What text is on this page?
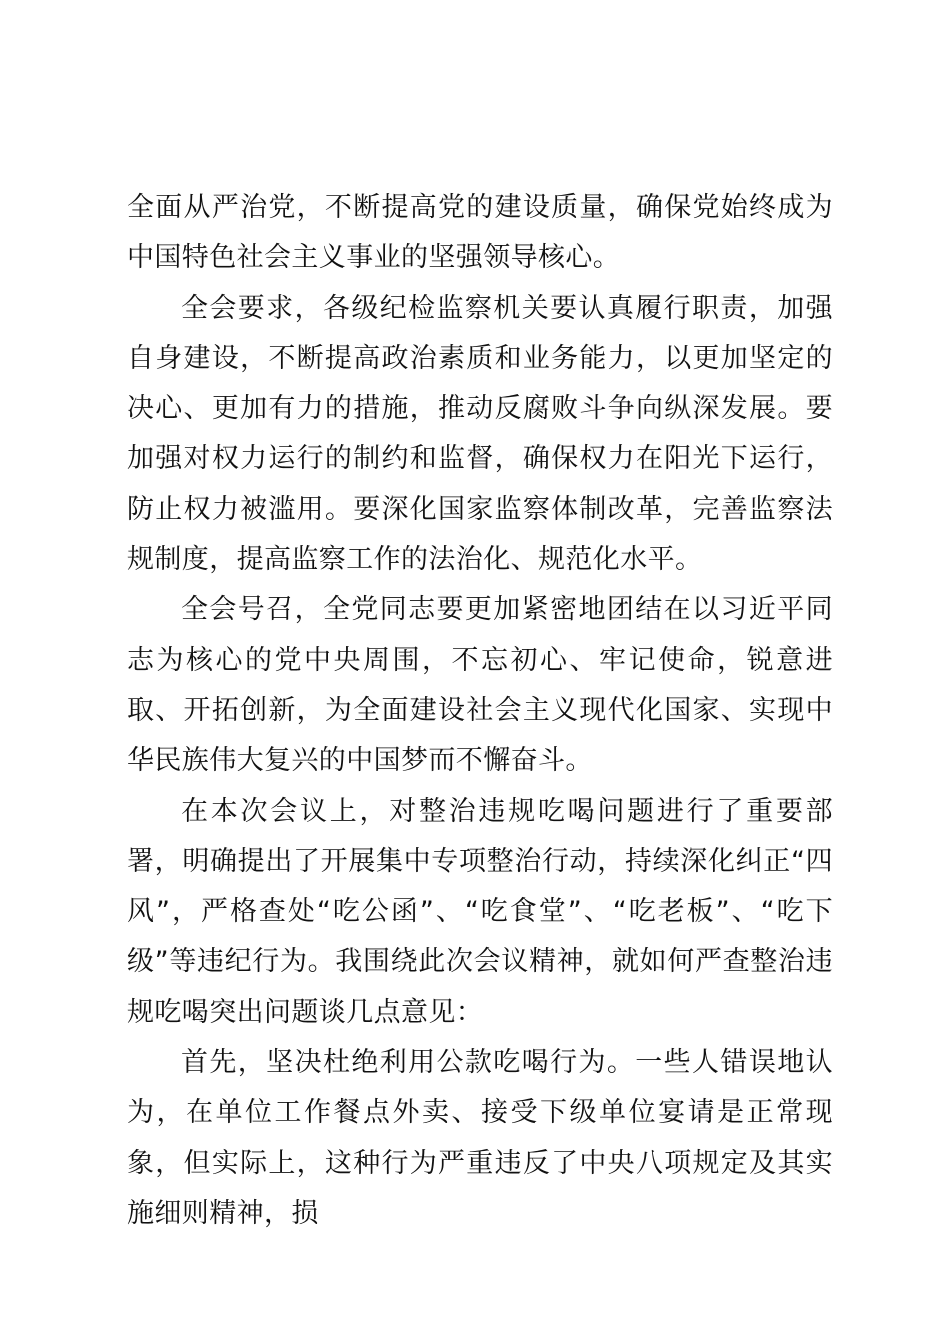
全面从严治党，不断提高党的建设质量，确保党始终成为中国特色社会主义事业的坚强领导核心。

全会要求，各级纪检监察机关要认真履行职责，加强自身建设，不断提高政治素质和业务能力，以更加坚定的决心、更加有力的措施，推动反腐败斗争向纵深发展。要加强对权力运行的制约和监督，确保权力在阳光下运行，防止权力被滥用。要深化国家监察体制改革，完善监察法规制度，提高监察工作的法治化、规范化水平。

全会号召，全党同志要更加紧密地团结在以习近平同志为核心的党中央周围，不忘初心、牢记使命，锐意进取、开拓创新，为全面建设社会主义现代化国家、实现中华民族伟大复兴的中国梦而不懈奋斗。

在本次会议上，对整治违规吃喝问题进行了重要部署，明确提出了开展集中专项整治行动，持续深化纠正“四风”，严格查处“吃公函”、“吃食堂”、“吃老板”、“吃下级”等违纪行为。我围绕此次会议精神，就如何严查整治违规吃喝突出问题谈几点意见：

首先，坚决杜绝利用公款吃喝行为。一些人错误地认为，在单位工作餐点外卖、接受下级单位宴请是正常现象，但实际上，这种行为严重违反了中央八项规定及其实施细则精神，损
